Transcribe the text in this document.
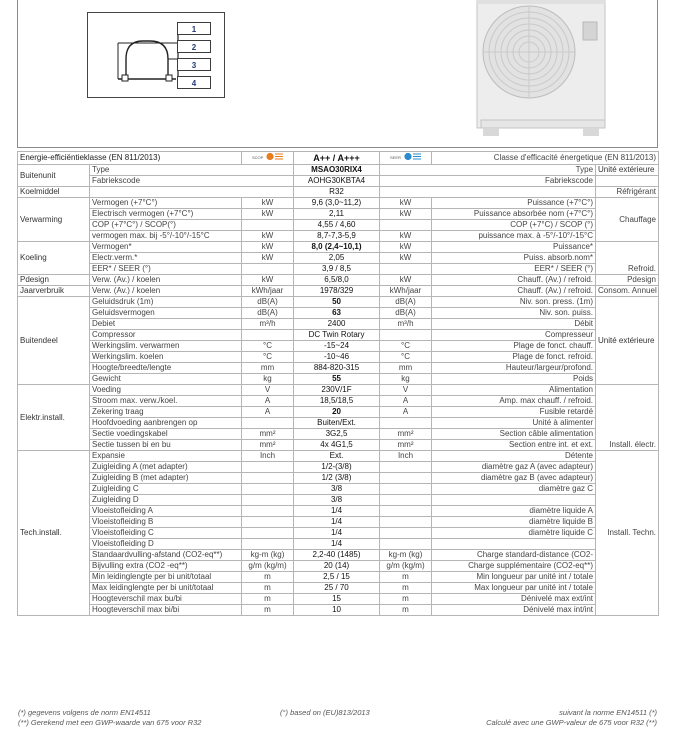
1
2
3
4
Energie-efficiëntieklasse (EN 811/2013)		SCOP	A++ / A+++	SEER	Classe d'efficacité énergetique (EN 811/2013)	
Buitenunit	Type		MSAO30RIX4	Type		Unité extérieure
	Fabriekscode		AOHG30KBTA4	Fabriekscode		
Koelmiddel			R32			Réfrigérant
Verwarming	Vermogen (+7°C°)	kW	9,6 (3,0~11,2)	kW	Puissance (+7°C°)	Chauffage
	Electrisch vermogen (+7°C°)	kW	2,11	kW	Puissance absorbée nom (+7°C°)	
	COP (+7°C°) / SCOP(°)		4,55 / 4,60		COP (+7°C) / SCOP (°)	
	vermogen max. bij -5°/-10°/-15°C	kW	8,7-7,3-5,9	kW	puissance max. à -5°/-10°/-15°C	
Koeling	Vermogen*	kW	8,0 (2,4~10,1)	kW	Puissance*	Refroid.
	Electr.verm.*	kW	2,05	kW	Puiss. absorb.nom*	
	EER* / SEER (°)		3,9 / 8,5		EER* / SEER (°)	
Pdesign	Verw. (Av.) / koelen	kW	6,5/8,0	kW	Chauff. (Av.) / refroid.	Pdesign
Jaarverbruik	Verw. (Av.) / koelen	kWh/jaar	1978/329	kWh/jaar	Chauff. (Av.) / refroid.	Consom. Annuel
Buitendeel	Geluidsdruk (1m)	dB(A)	50	dB(A)	Niv. son. press. (1m)	Unité extérieure
	Geluidsvermogen	dB(A)	63	dB(A)	Niv. son. puiss.	
	Debiet	m³/h	2400	m³/h	Débit	
	Compressor		DC Twin Rotary		Compresseur	
	Werkingslim. verwarmen	°C	-15~24	°C	Plage de fonct. chauff.	
	Werkingslim. koelen	°C	-10~46	°C	Plage de fonct. refroid.	
	Hoogte/breedte/lengte	mm	884-820-315	mm	Hauteur/largeur/profond.	
	Gewicht	kg	55	kg	Poids	
Elektr.install.	Voeding	V	230V/1F	V	Alimentation	Install. électr.
	Stroom max. verw./koel.	A	18,5/18,5	A	Amp. max chauff. / refroid.	
	Zekering traag	A	20	A	Fusible retardé	
	Hoofdvoeding aanbrengen op		Buiten/Ext.		Unité à alimenter	
	Sectie voedingskabel	mm²	3G2,5	mm²	Section câble alimentation	
	Sectie tussen bi en bu	mm²	4x 4G1,5	mm²	Section entre int. et ext.	
Tech.install.	Expansie	Inch	Ext.	Inch	Détente	Install. Techn.
	Zuigleiding A (met adapter)		1/2-(3/8)		diamètre gaz A (avec adapteur)	
	Zuigleiding B (met adapter)		1/2 (3/8)		diamètre gaz B (avec adapteur)	
	Zuigleiding C		3/8		diamètre gaz C	
	Zuigleiding D		3/8			
	Vloeistofleiding A		1/4		diamètre liquide A	
	Vloeistofleiding B		1/4		diamètre liquide B	
	Vloeistofleiding C		1/4		diamètre liquide C	
	Vloeistofleiding D		1/4			
	Standaardvulling-afstand (CO2-eq**)	kg-m (kg)	2,2-40 (1485)	kg-m (kg)	Charge standard-distance (CO2-	
	Bijvulling extra (CO2 -eq**)	g/m (kg/m)	20 (14)	g/m (kg/m)	Charge supplémentaire (CO2-eq**)	
	Min leidinglengte per bi unit/totaal	m	2,5 / 15	m	Min longueur par unité int / totale	
	Max leidinglengte per bi unit/totaal	m	25 / 70	m	Max longueur par unité int / totale	
	Hoogteverschil max bu/bi	m	15	m	Dénivelé max ext/int	
	Hoogteverschil max bi/bi	m	10	m	Dénivelé max int/int	
(*) gegevens volgens de norm EN14511
(**) Gerekend met een GWP-waarde van 675 voor R32
(°) based on (EU)813/2013	suivant la norme EN14511 (*)
Calculé avec une GWP-valeur de 675 voor R32 (**)
